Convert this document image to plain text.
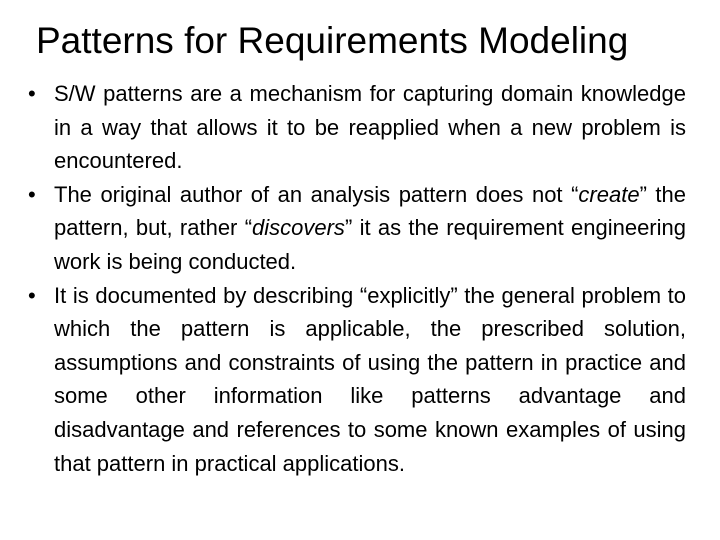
Patterns for Requirements Modeling
• S/W patterns are a mechanism for capturing domain knowledge in a way that allows it to be reapplied when a new problem is encountered.
• The original author of an analysis pattern does not “create” the pattern, but, rather “discovers” it as the requirement engineering work is being conducted.
• It is documented by describing “explicitly” the general problem to which the pattern is applicable, the prescribed solution, assumptions and constraints of using the pattern in practice and some other information like patterns advantage and disadvantage and references to some known examples of using that pattern in practical applications.
